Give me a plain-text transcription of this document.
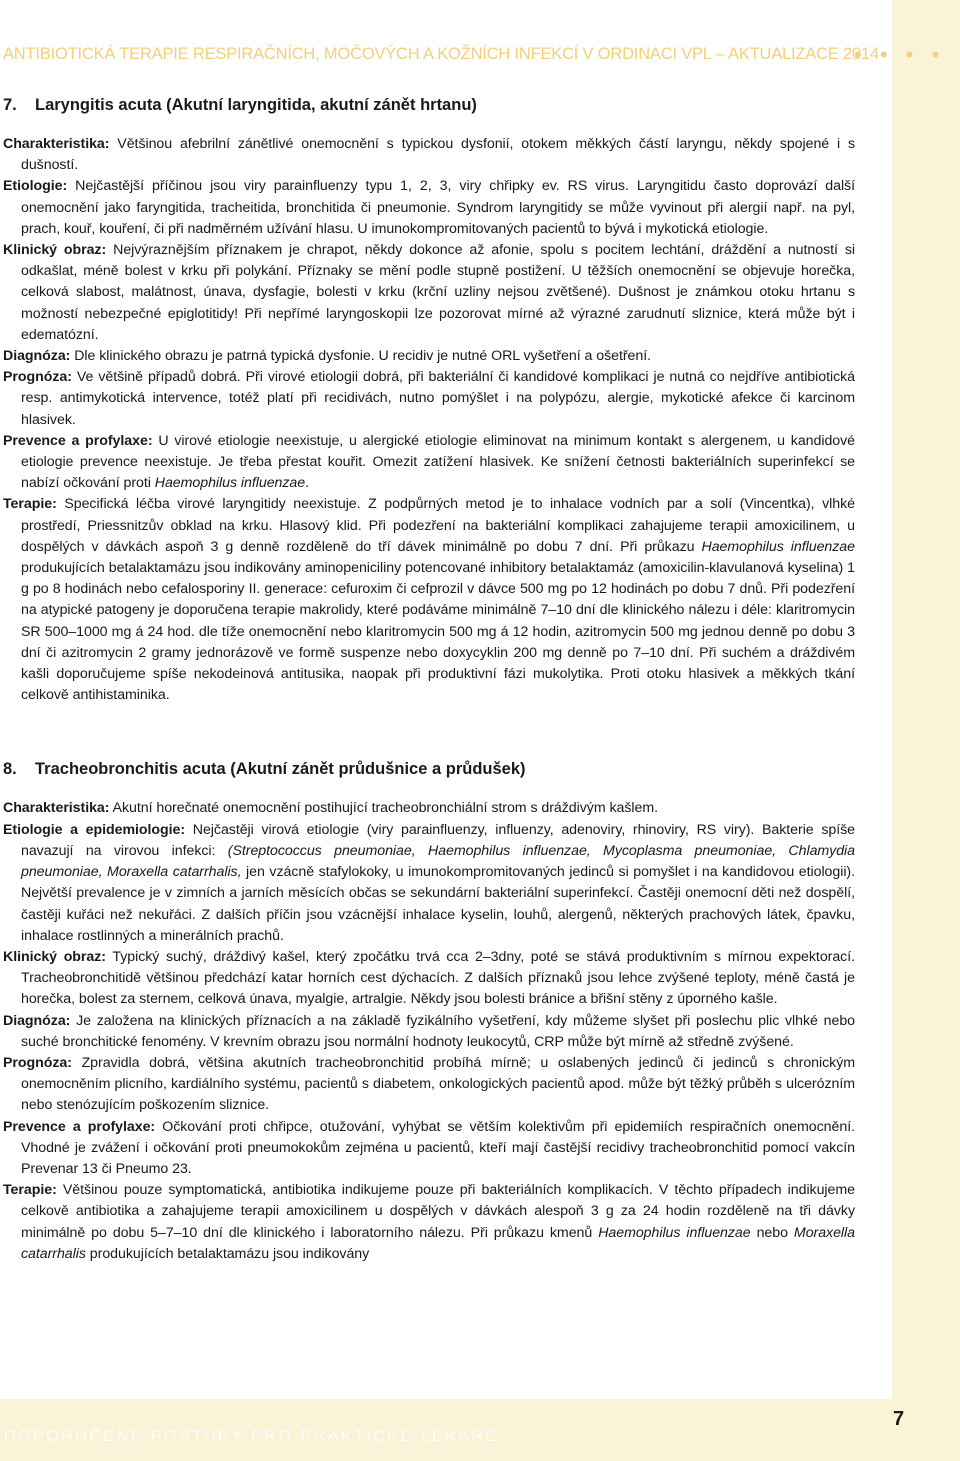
ANTIBIOTICKÁ TERAPIE RESPIRAČNÍCH, MOČOVÝCH A KOŽNÍCH INFEKCÍ V ORDINACI VPL – AKTUALIZACE 2014
• • • •
7. Laryngitis acuta (Akutní laryngitida, akutní zánět hrtanu)

Charakteristika: Většinou afebrilní zánětlivé onemocnění s typickou dysfonií, otokem měkkých částí laryngu, někdy spojené i s dušností.

Etiologie: Nejčastější příčinou jsou viry parainfluenzy typu 1, 2, 3, viry chřipky ev. RS virus. Laryngitidu často doprovází další onemocnění jako faryngitida, tracheitida, bronchitida či pneumonie. Syndrom laryngitidy se může vyvinout při alergií např. na pyl, prach, kouř, kouření, či při nadměrném užívání hlasu. U imunokompromitovaných pacientů to bývá i mykotická etiologie.

Klinický obraz: Nejvýraznějším příznakem je chrapot, někdy dokonce až afonie, spolu s pocitem lechtání, dráždění a nutností si odkašlat, méně bolest v krku při polykání. Příznaky se mění podle stupně postižení. U těžších onemocnění se objevuje horečka, celková slabost, malátnost, únava, dysfagie, bolesti v krku (krční uzliny nejsou zvětšené). Dušnost je známkou otoku hrtanu s možností nebezpečné epiglotitidy! Při nepřímé laryngoskopii lze pozorovat mírné až výrazné zarudnutí sliznice, která může být i edematózní.

Diagnóza: Dle klinického obrazu je patrná typická dysfonie. U recidiv je nutné ORL vyšetření a ošetření.

Prognóza: Ve většině případů dobrá. Při virové etiologii dobrá, při bakteriální či kandidové komplikaci je nutná co nejdříve antibiotická resp. antimykotická intervence, totéž platí při recidivách, nutno pomýšlet i na polypózu, alergie, mykotické afekce či karcinom hlasivek.

Prevence a profylaxe: U virové etiologie neexistuje, u alergické etiologie eliminovat na minimum kontakt s alergenem, u kandidové etiologie prevence neexistuje. Je třeba přestat kouřit. Omezit zatížení hlasivek. Ke snížení četnosti bakteriálních superinfekcí se nabízí očkování proti Haemophilus influenzae.

Terapie: Specifická léčba virové laryngitidy neexistuje. Z podpůrných metod je to inhalace vodních par a solí (Vincentka), vlhké prostředí, Priessnitzův obklad na krku. Hlasový klid. Při podezření na bakteriální komplikaci zahajujeme terapii amoxicilinem, u dospělých v dávkách aspoň 3 g denně rozděleně do tří dávek minimálně po dobu 7 dní. Při průkazu Haemophilus influenzae produkujících betalaktamázu jsou indikovány aminopeniciliny potencované inhibitory betalaktamáz (amoxicilin-klavulanová kyselina) 1 g po 8 hodinách nebo cefalosporiny II. generace: cefuroxim či cefprozil v dávce 500 mg po 12 hodinách po dobu 7 dnů. Při podezření na atypické patogeny je doporučena terapie makrolidy, které podáváme minimálně 7–10 dní dle klinického nálezu i déle: klaritromycin SR 500–1000 mg á 24 hod. dle tíže onemocnění nebo klaritromycin 500 mg á 12 hodin, azitromycin 500 mg jednou denně po dobu 3 dní či azitromycin 2 gramy jednorázově ve formě suspenze nebo doxycyklin 200 mg denně po 7–10 dní. Při suchém a dráždivém kašli doporučujeme spíše nekodeinová antitusika, naopak při produktivní fázi mukolytika. Proti otoku hlasivek a měkkých tkání celkově antihistaminika.

8. Tracheobronchitis acuta (Akutní zánět průdušnice a průdušek)

Charakteristika: Akutní horečnaté onemocnění postihující tracheobronchiální strom s dráždivým kašlem.

Etiologie a epidemiologie: Nejčastěji virová etiologie (viry parainfluenzy, influenzy, adenoviry, rhinoviry, RS viry). Bakterie spíše navazují na virovou infekci: (Streptococcus pneumoniae, Haemophilus influenzae, Mycoplasma pneumoniae, Chlamydia pneumoniae, Moraxella catarrhalis, jen vzácně stafylokoky, u imunokompromitovaných jedinců si pomyšlet i na kandidovou etiologii). Největší prevalence je v zimních a jarních měsících občas se sekundární bakteriální superinfekcí. Častěji onemocní děti než dospělí, častěji kuřáci než nekuřáci. Z dalších příčin jsou vzácnější inhalace kyselin, louhů, alergenů, některých prachových látek, čpavku, inhalace rostlinných a minerálních prachů.

Klinický obraz: Typický suchý, dráždivý kašel, který zpočátku trvá cca 2–3dny, poté se stává produktivním s mírnou expektorací. Tracheobronchitidě většinou předchází katar horních cest dýchacích. Z dalších příznaků jsou lehce zvýšené teploty, méně častá je horečka, bolest za sternem, celková únava, myalgie, artralgie. Někdy jsou bolesti bránice a břišní stěny z úporného kašle.

Diagnóza: Je založena na klinických příznacích a na základě fyzikálního vyšetření, kdy můžeme slyšet při poslechu plic vlhké nebo suché bronchitické fenomény. V krevním obrazu jsou normální hodnoty leukocytů, CRP může být mírně až středně zvýšené.

Prognóza: Zpravidla dobrá, většina akutních tracheobronchitid probíhá mírně; u oslabených jedinců či jedinců s chronickým onemocněním plicního, kardiálního systému, pacientů s diabetem, onkologických pacientů apod. může být těžký průběh s ulcerózním nebo stenózujícím poškozením sliznice.

Prevence a profylaxe: Očkování proti chřipce, otužování, vyhýbat se větším kolektivům při epidemiích respiračních onemocnění. Vhodné je zvážení i očkování proti pneumokokům zejména u pacientů, kteří mají častější recidivy tracheobronchitid pomocí vakcín Prevenar 13 či Pneumo 23.

Terapie: Většinou pouze symptomatická, antibiotika indikujeme pouze při bakteriálních komplikacích. V těchto případech indikujeme celkově antibiotika a zahajujeme terapii amoxicilinem u dospělých v dávkách alespoň 3 g za 24 hodin rozděleně na tři dávky minimálně po dobu 5–7–10 dní dle klinického i laboratorního nálezu. Při průkazu kmenů Haemophilus influenzae nebo Moraxella catarrhalis produkujících betalaktamázu jsou indikovány

DOPORUČENÉ POSTUPY PRO PRAKTICKÉ LÉKAŘE
7
